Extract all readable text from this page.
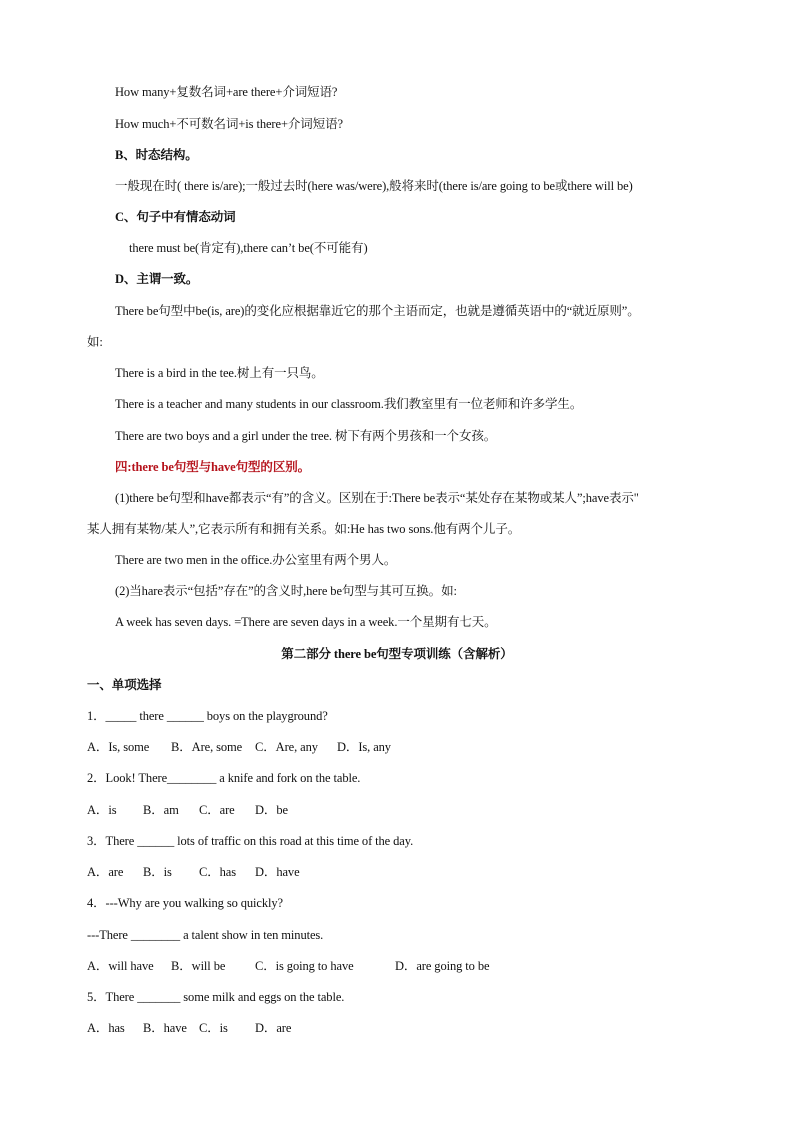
How many+复数名词+are there+介词短语?
How much+不可数名词+is there+介词短语?
B、时态结构。
一般现在时( there is/are);一般过去时(here was/were),般将来时(there is/are going to be或there will be)
C、句子中有情态动词
there must be(肯定有),there can’t be(不可能有)
D、主谓一致。
There be句型中be(is, are)的变化应根据靠近它的那个主语而定，也就是遵循英语中的“就近原则”。
如:
There is a bird in the tee.树上有一只鸟。
There is a teacher and many students in our classroom.我们教室里有一位老师和许多学生。
There are two boys and a girl under the tree. 树下有两个男孩和一个女孩。
四:there be句型与have句型的区别。
(1)there be句型和have都表示“有”的含义。区别在于:There be表示“某处存在某物或某人”;have表示"
某人拥有某物/某人”,它表示所有和拥有关系。如:He has two sons.他有两个儿子。
There are two men in the office.办公室里有两个男人。
(2)当hare表示“包括”存在”的含义时,here be句型与其可互换。如:
A week has seven days. =There are seven days in a week.一个星期有七天。
第二部分 there be句型专项训练（含解析）
一、单项选择
1．_____ there ______ boys on the playground?
A．Is, some B．Are, some C．Are, any D．Is, any
2．Look! There________ a knife and fork on the table.
A．is B．am C．are D．be
3．There ______ lots of traffic on this road at this time of the day.
A．are B．is C．has D．have
4．---Why are you walking so quickly?
---There ________ a talent show in ten minutes.
A．will have B．will be C．is going to have	D．are going to be
5．There _______ some milk and eggs on the table.
A．has B．have C．is D．are
